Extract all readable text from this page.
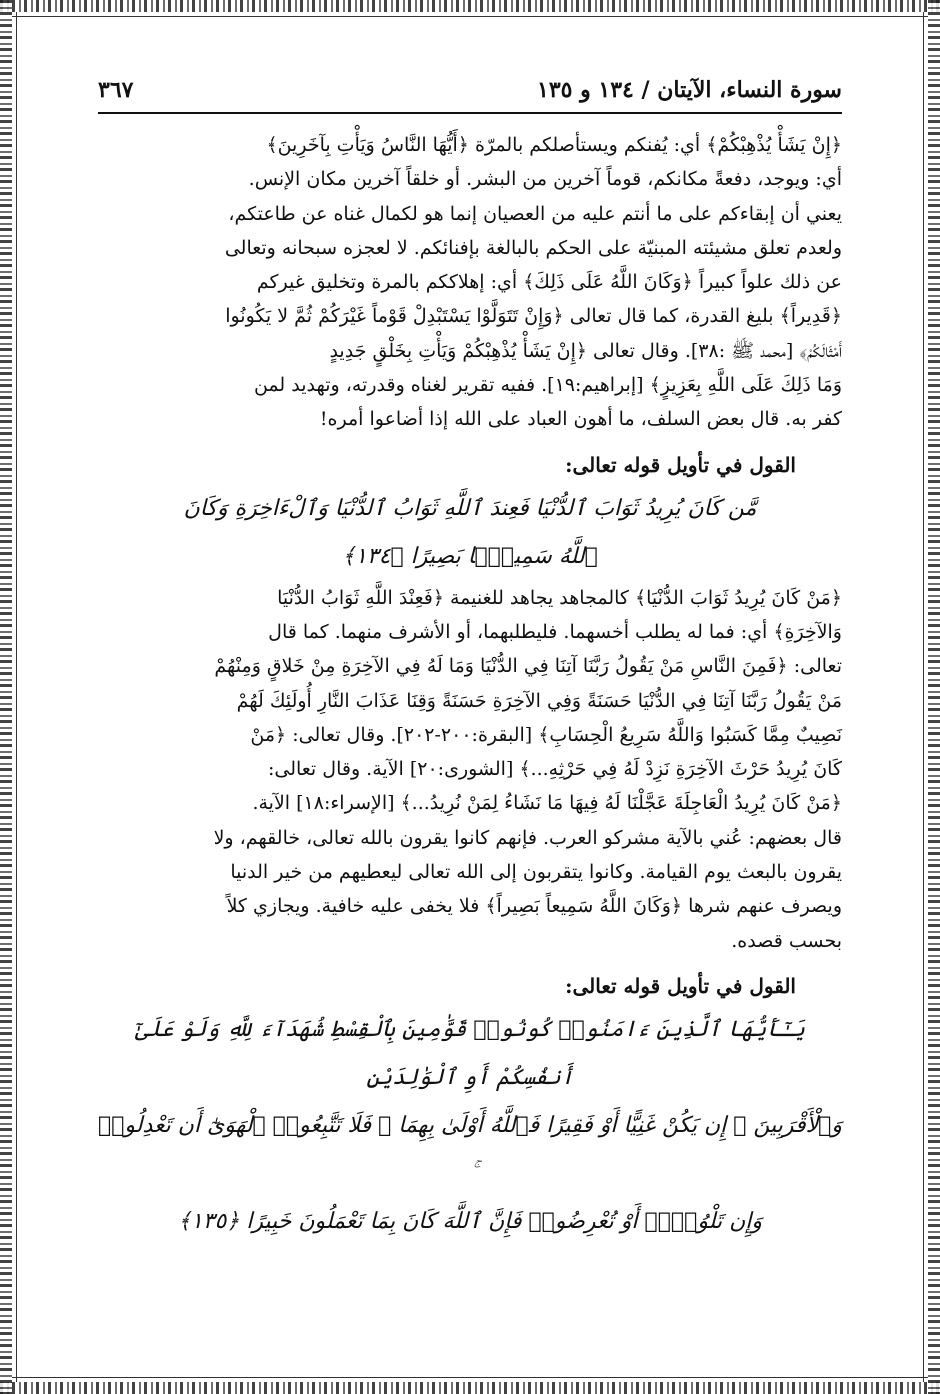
سورة النساء، الآيتان / ١٣٤ و ١٣٥
٣٦٧

﴿إِنْ يَشَأْ يُذْهِبْكُمْ﴾ أي: يُفنكم ويستأصلكم بالمرّة ﴿أَيُّهَا النَّاسُ وَيَأْتِ بِآخَرِينَ﴾

أي: ويوجد، دفعةً مكانكم، قوماً آخرين من البشر. أو خلقاً آخرين مكان الإنس.

يعني أن إبقاءكم على ما أنتم عليه من العصيان إنما هو لكمال غناه عن طاعتكم،

ولعدم تعلق مشيئته المبنيّة على الحكم بالبالغة بإفنائكم. لا لعجزه سبحانه وتعالى

عن ذلك علواً كبيراً ﴿وَكَانَ اللَّهُ عَلَى ذَلِكَ﴾ أي: إهلاككم بالمرة وتخليق غيركم

﴿قَدِيراً﴾ بليغ القدرة، كما قال تعالى ﴿وَإِنْ تَتَوَلَّوْا يَسْتَبْدِلْ قَوْماً غَيْرَكُمْ ثُمَّ لا يَكُونُوا

أَمْثَالَكُمْ﴾ [محمد ﷺ :٣٨]. وقال تعالى ﴿إِنْ يَشَأْ يُذْهِبْكُمْ وَيَأْتِ بِخَلْقٍ جَدِيدٍ

وَمَا ذَلِكَ عَلَى اللَّهِ بِعَزِيزٍ﴾ [إبراهيم:١٩]. ففيه تقرير لغناه وقدرته، وتهديد لمن

كفر به. قال بعض السلف، ما أهون العباد على الله إذا أضاعوا أمره!

القول في تأويل قوله تعالى:

مَّن كَانَ يُرِيدُ ثَوَابَ ٱلدُّنْيَا فَعِندَ ٱللَّهِ ثَوَابُ ٱلدُّنْيَا وَٱلْءَاخِرَةِ وَكَانَ

ٱللَّهُ سَمِيعًۢا بَصِيرًا ﴿١٣٤﴾

﴿مَنْ كَانَ يُرِيدُ ثَوَابَ الدُّنْيَا﴾ كالمجاهد يجاهد للغنيمة ﴿فَعِنْدَ اللَّهِ ثَوَابُ الدُّنْيَا

وَالآخِرَةِ﴾ أي: فما له يطلب أخسهما. فليطلبهما، أو الأشرف منهما. كما قال

تعالى: ﴿فَمِنَ النَّاسِ مَنْ يَقُولُ رَبَّنَا آتِنَا فِي الدُّنْيَا وَمَا لَهُ فِي الآخِرَةِ مِنْ خَلاقٍ وَمِنْهُمْ

مَنْ يَقُولُ رَبَّنَا آتِنَا فِي الدُّنْيَا حَسَنَةً وَفِي الآخِرَةِ حَسَنَةً وَقِنَا عَذَابَ النَّارِ أُولَئِكَ لَهُمْ

نَصِيبٌ مِمَّا كَسَبُوا وَاللَّهُ سَرِيعُ الْحِسَابِ﴾ [البقرة:٢٠٠-٢٠٢]. وقال تعالى: ﴿مَنْ

كَانَ يُرِيدُ حَرْثَ الآخِرَةِ نَزِدْ لَهُ فِي حَرْثِهِ...﴾ [الشورى:٢٠] الآية. وقال تعالى:

﴿مَنْ كَانَ يُرِيدُ الْعَاجِلَةَ عَجَّلْنَا لَهُ فِيهَا مَا نَشَاءُ لِمَنْ نُرِيدُ...﴾ [الإسراء:١٨] الآية.

قال بعضهم: عُني بالآية مشركو العرب. فإنهم كانوا يقرون بالله تعالى، خالقهم، ولا

يقرون بالبعث يوم القيامة. وكانوا يتقربون إلى الله تعالى ليعطيهم من خير الدنيا

ويصرف عنهم شرها ﴿وَكَانَ اللَّهُ سَمِيعاً بَصِيراً﴾ فلا يخفى عليه خافية. ويجازي كلاً

بحسب قصده.

القول في تأويل قوله تعالى:

يَـٰٓأَيُّهَا ٱلَّذِينَ ءَامَنُوا۟ كُونُوا۟ قَوَّٰمِينَ بِٱلْقِسْطِ شُهَدَآءَ لِلَّهِ وَلَوْ عَلَىٰٓ أَنفُسِكُمْ أَوِ ٱلْوَٰلِدَيْنِ

وَٱلْأَقْرَبِينَ ۚ إِن يَكُنْ غَنِيًّا أَوْ فَقِيرًا فَٱللَّهُ أَوْلَىٰ بِهِمَا ۖ فَلَا تَتَّبِعُوا۟ ٱلْهَوَىٰٓ أَن تَعْدِلُوا۟

وَإِن تَلْوُۥٓا۟ أَوْ تُعْرِضُوا۟ فَإِنَّ ٱللَّهَ كَانَ بِمَا تَعْمَلُونَ خَبِيرًا ﴿١٣٥﴾
